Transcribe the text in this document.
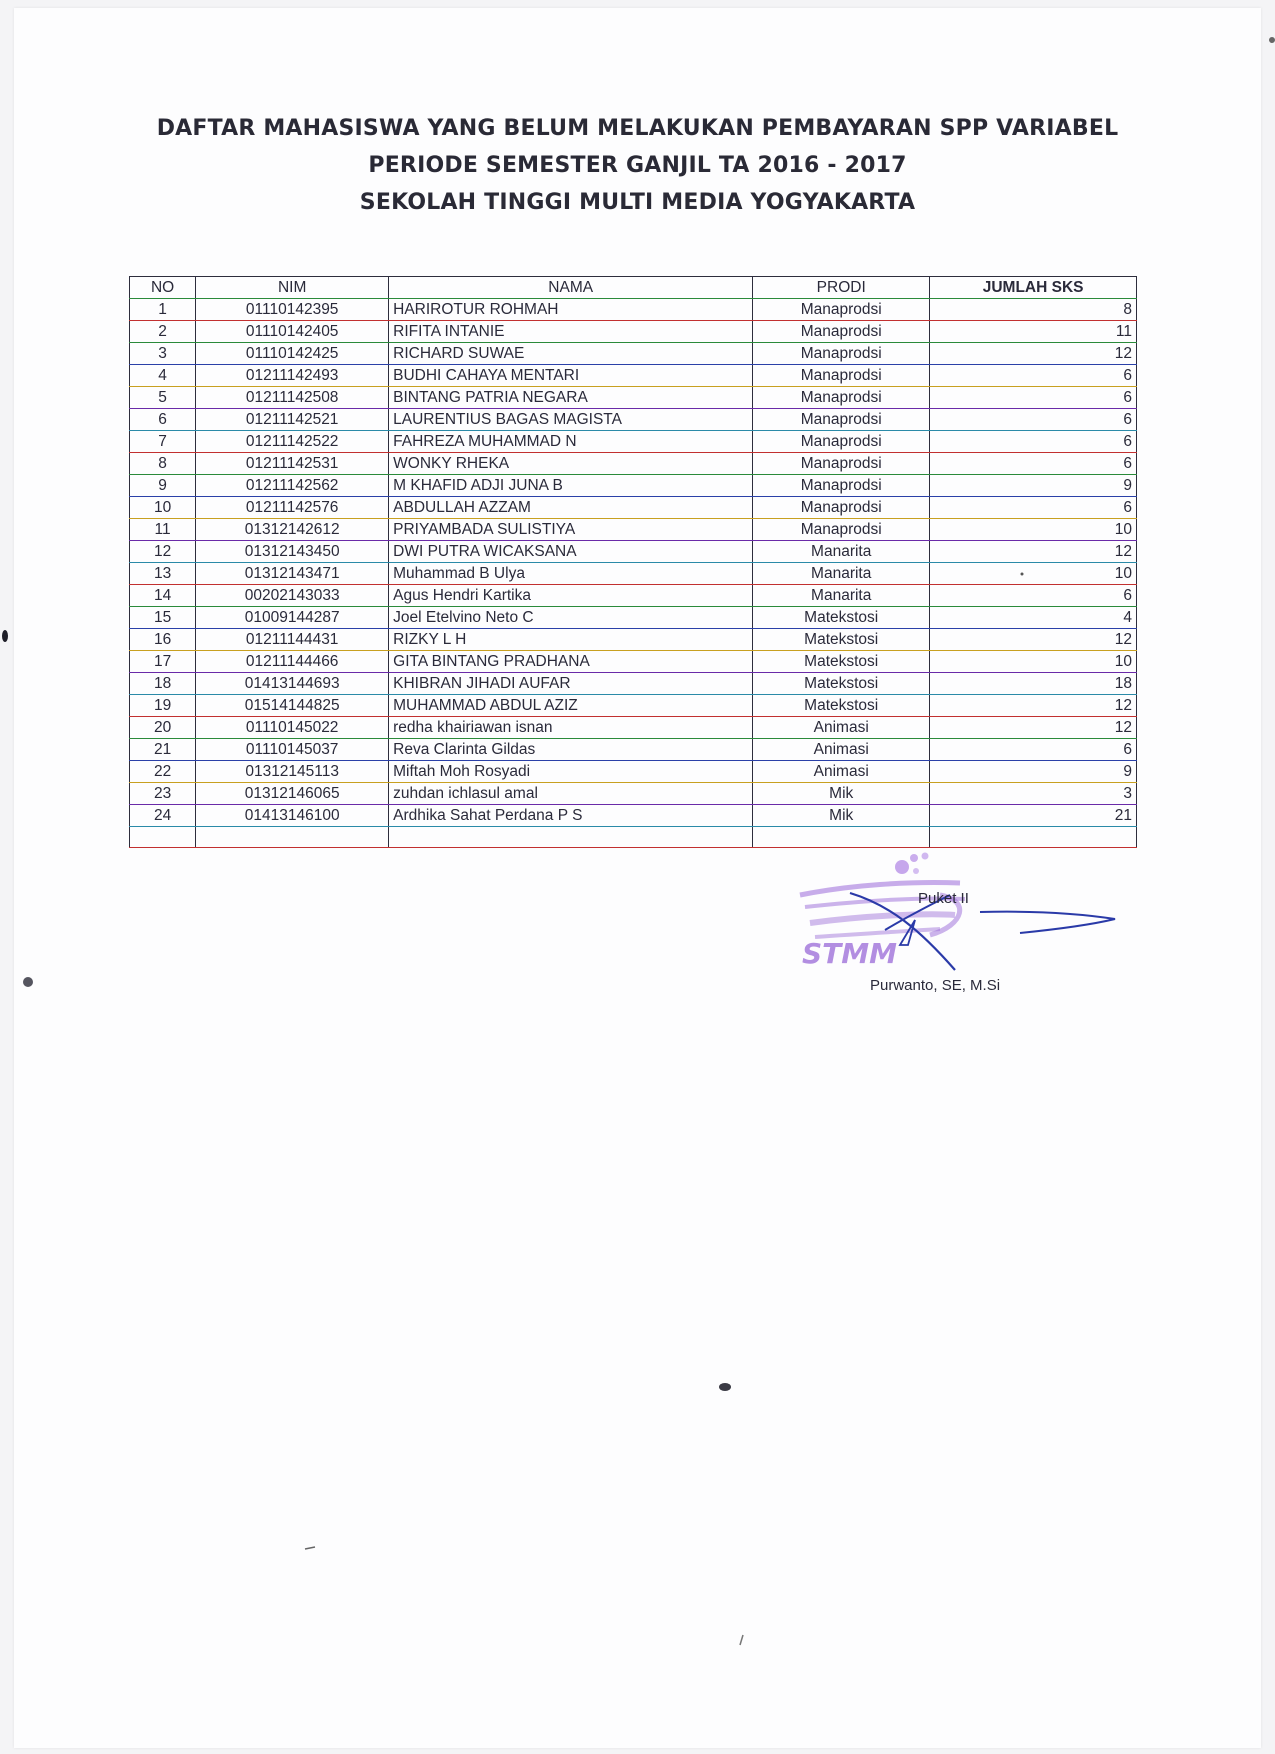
DAFTAR MAHASISWA YANG BELUM MELAKUKAN PEMBAYARAN SPP VARIABEL
PERIODE SEMESTER GANJIL TA 2016 - 2017
SEKOLAH TINGGI MULTI MEDIA YOGYAKARTA
NO	NIM	NAMA	PRODI	JUMLAH SKS
1	01110142395	HARIROTUR ROHMAH	Manaprodsi	8
2	01110142405	RIFITA INTANIE	Manaprodsi	11
3	01110142425	RICHARD SUWAE	Manaprodsi	12
4	01211142493	BUDHI CAHAYA MENTARI	Manaprodsi	6
5	01211142508	BINTANG PATRIA NEGARA	Manaprodsi	6
6	01211142521	LAURENTIUS BAGAS MAGISTA	Manaprodsi	6
7	01211142522	FAHREZA MUHAMMAD N	Manaprodsi	6
8	01211142531	WONKY RHEKA	Manaprodsi	6
9	01211142562	M KHAFID ADJI JUNA B	Manaprodsi	9
10	01211142576	ABDULLAH AZZAM	Manaprodsi	6
11	01312142612	PRIYAMBADA SULISTIYA	Manaprodsi	10
12	01312143450	DWI PUTRA WICAKSANA	Manarita	12
13	01312143471	Muhammad B Ulya	Manarita	10
14	00202143033	Agus Hendri Kartika	Manarita	6
15	01009144287	Joel Etelvino Neto C	Matekstosi	4
16	01211144431	RIZKY L H	Matekstosi	12
17	01211144466	GITA BINTANG PRADHANA	Matekstosi	10
18	01413144693	KHIBRAN JIHADI AUFAR	Matekstosi	18
19	01514144825	MUHAMMAD ABDUL AZIZ	Matekstosi	12
20	01110145022	redha khairiawan isnan	Animasi	12
21	01110145037	Reva Clarinta Gildas	Animasi	6
22	01312145113	Miftah Moh Rosyadi	Animasi	9
23	01312146065	zuhdan ichlasul amal	Mik	3
24	01413146100	Ardhika Sahat Perdana P S	Mik	21

STMM
Puket II
Purwanto, SE, M.Si
